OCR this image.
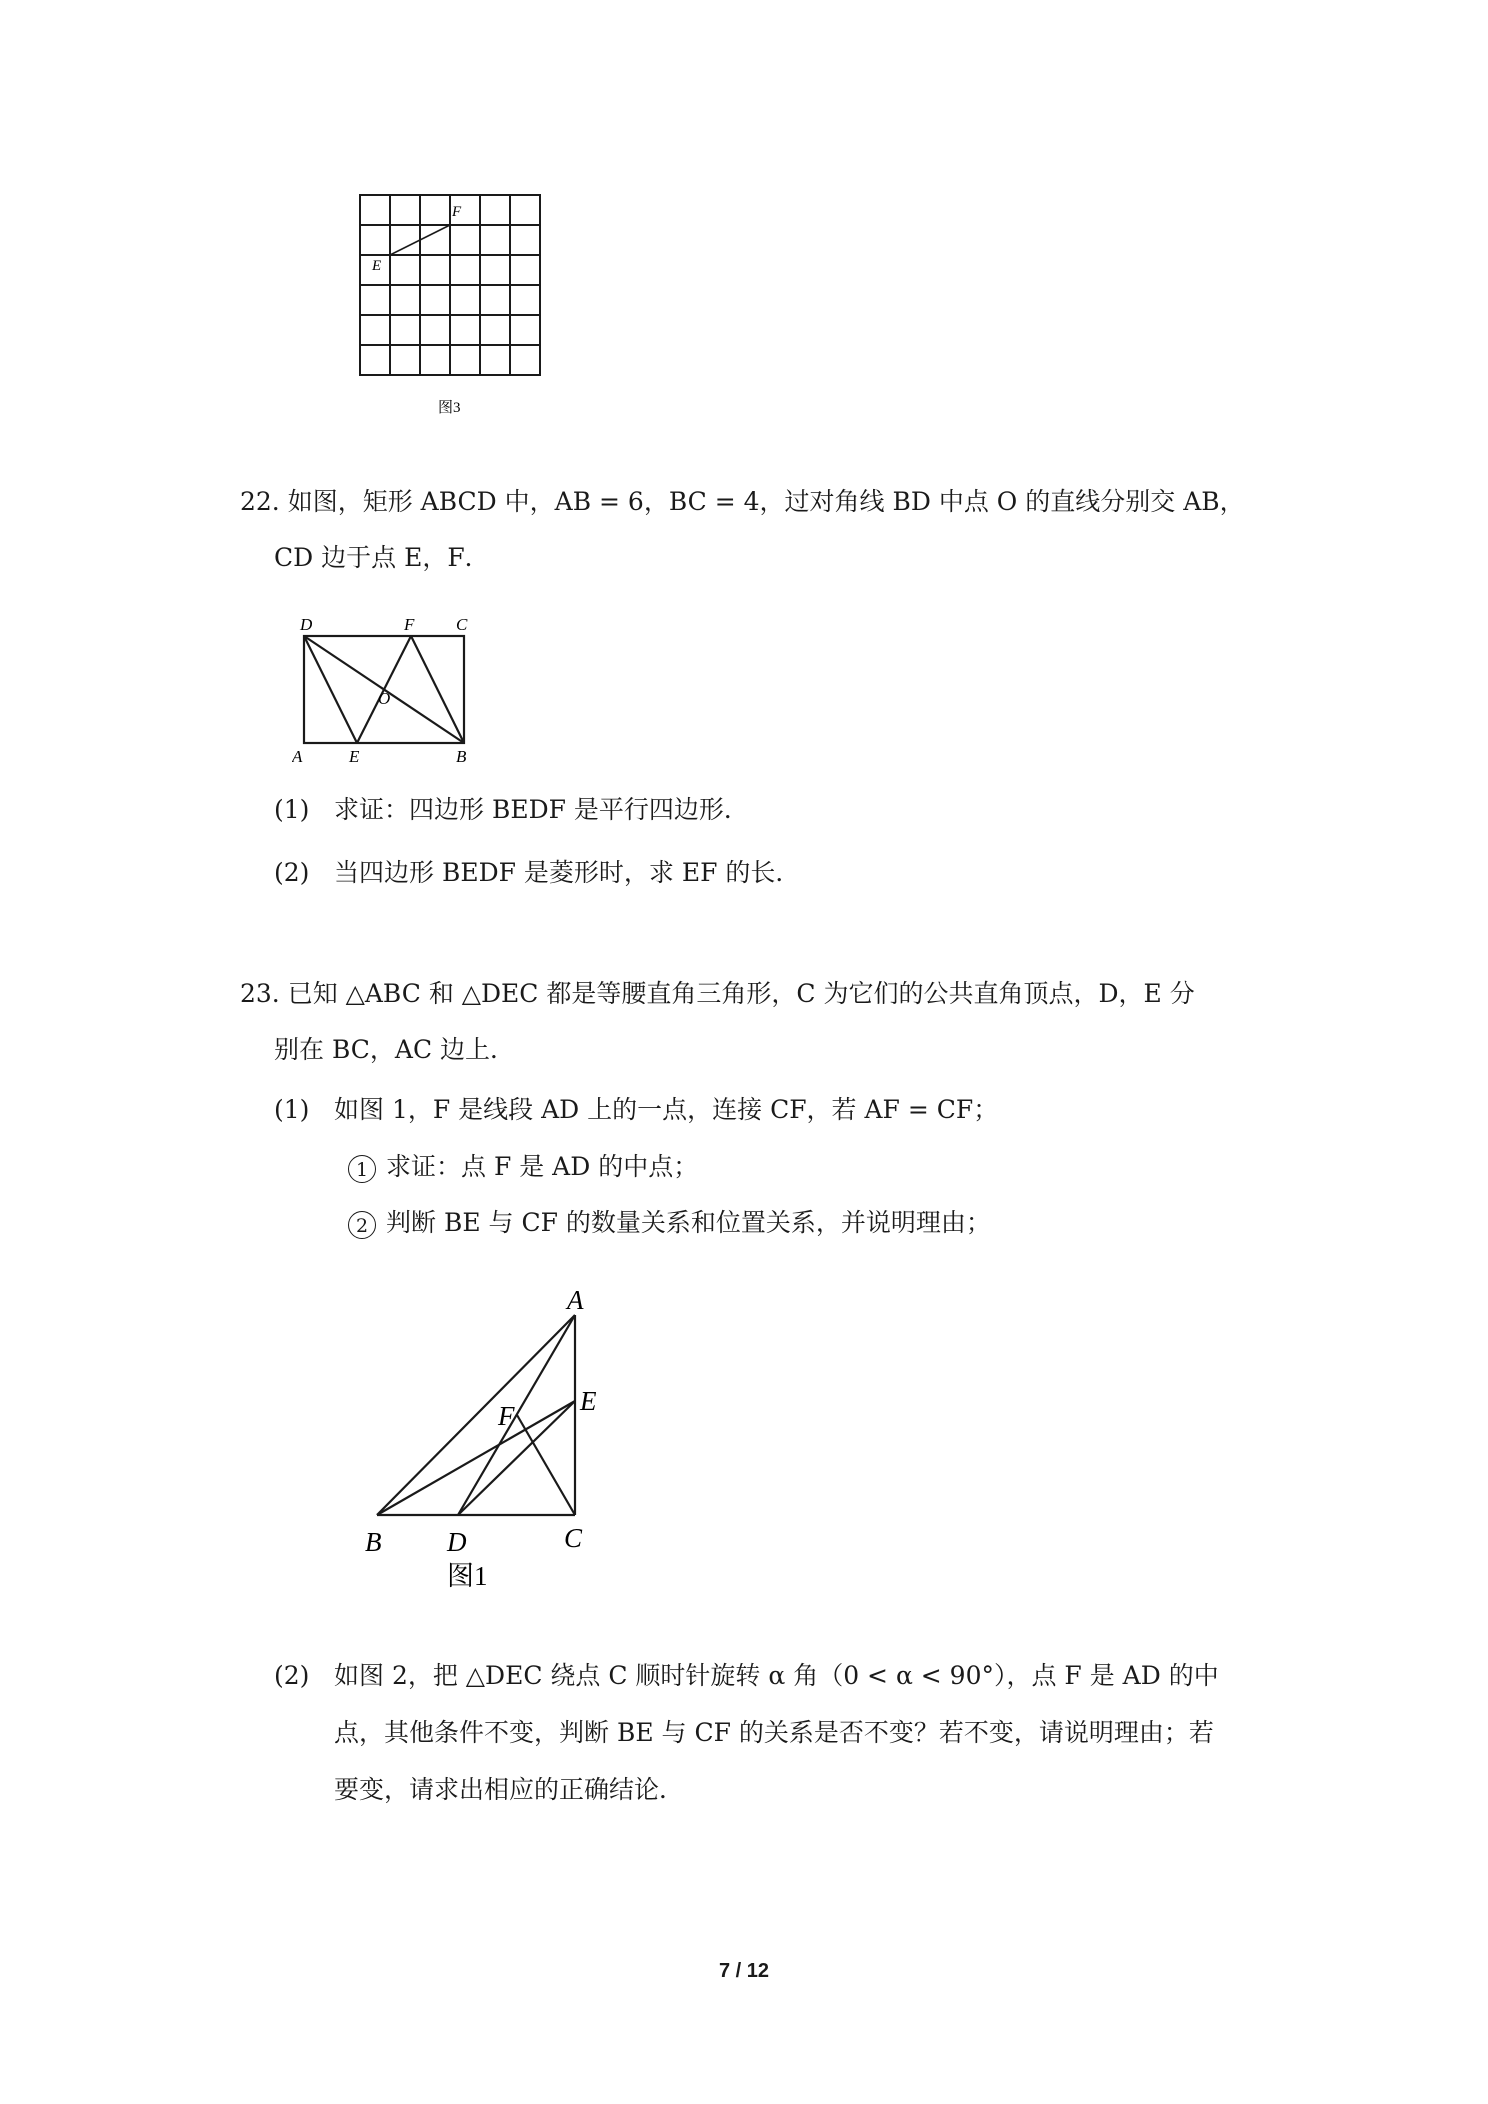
F
E
图3
22. 如图，矩形 ABCD 中，AB = 6，BC = 4，过对角线 BD 中点 O 的直线分别交 AB，
CD 边于点 E，F．
D	F C
O
A	E	B
(1) 求证：四边形 BEDF 是平行四边形．
(2) 当四边形 BEDF 是菱形时，求 EF 的长．
23. 已知 △ABC 和 △DEC 都是等腰直角三角形，C 为它们的公共直角顶点，D，E 分
别在 BC，AC 边上．
(1) 如图 1，F 是线段 AD 上的一点，连接 CF，若 AF = CF；
1 求证：点 F 是 AD 的中点；
2 判断 BE 与 CF 的数量关系和位置关系，并说明理由；
A
E
F
B D	C
图1
(2) 如图 2，把 △DEC 绕点 C 顺时针旋转 α 角（0 < α < 90°），点 F 是 AD 的中
点，其他条件不变，判断 BE 与 CF 的关系是否不变？若不变，请说明理由；若
要变，请求出相应的正确结论．
7 / 12
